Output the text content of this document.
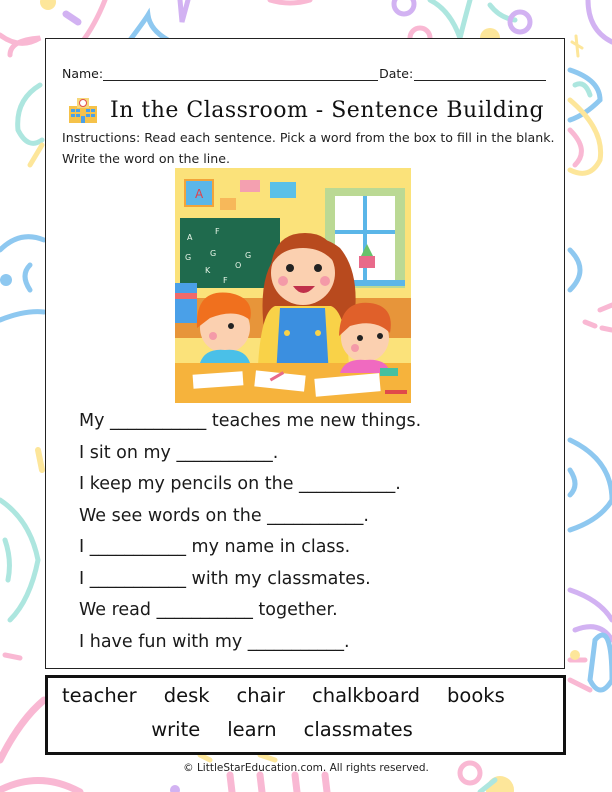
Name:	Date:
In the Classroom - Sentence Building
Instructions: Read each sentence. Pick a word from the box to fill in the blank. Write the word on the line.
A
F
G
G
O
K
G
F
A
My ___________ teaches me new things.
I sit on my ___________.
I keep my pencils on the ___________.
We see words on the ___________.
I ___________ my name in class.
I ___________ with my classmates.
We read ___________ together.
I have fun with my ___________.
teacher desk chair chalkboard books
write learn classmates
© LittleStarEducation.com. All rights reserved.
